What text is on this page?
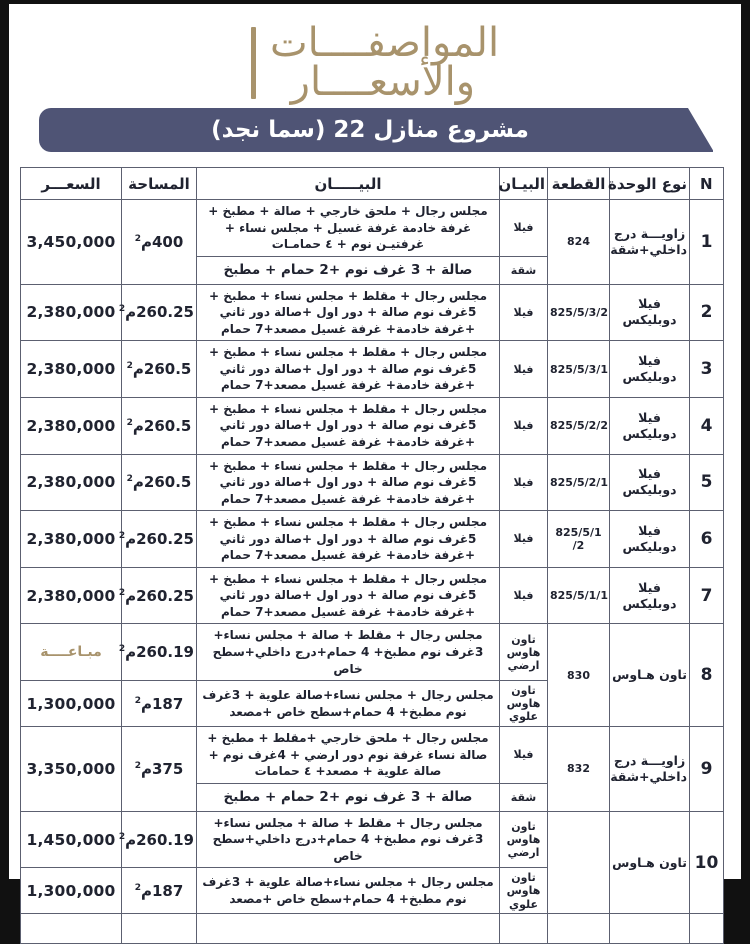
المواصفــــات
والأسعــــار
مشروع منازل 22 (سما نجد)
N	نوع الوحدة	القطعة	البيـان	البيـــــان	المساحة	السعـــر
1	زاويـــة درج داخلي+شقة	824	فيلا	مجلس رجال + ملحق خارجي + صالة + مطبخ + غرفة خادمة غرفة غسيل + مجلس نساء + غرفتيـن نوم + ٤ حمامـات	400م$^2$	3,450,000
			شقة	صالة + 3 غرف نوم +2 حمام + مطبخ		
2	فيلا دوبليكس	825/5/3/2	فيلا	مجلس رجال + مقلط + مجلس نساء + مطبخ + 5غرف نوم صالة + دور اول +صالة دور ثاني +غرفة خادمة+ غرفة غسيل مصعد+7 حمام	260.25م$^2$	2,380,000
3	فيلا دوبليكس	825/5/3/1	فيلا	مجلس رجال + مقلط + مجلس نساء + مطبخ + 5غرف نوم صالة + دور اول +صالة دور ثاني +غرفة خادمة+ غرفة غسيل مصعد+7 حمام	260.5م$^2$	2,380,000
4	فيلا دوبليكس	825/5/2/2	فيلا	مجلس رجال + مقلط + مجلس نساء + مطبخ + 5غرف نوم صالة + دور اول +صالة دور ثاني +غرفة خادمة+ غرفة غسيل مصعد+7 حمام	260.5م$^2$	2,380,000
5	فيلا دوبليكس	825/5/2/1	فيلا	مجلس رجال + مقلط + مجلس نساء + مطبخ + 5غرف نوم صالة + دور اول +صالة دور ثاني +غرفة خادمة+ غرفة غسيل مصعد+7 حمام	260.5م$^2$	2,380,000
6	فيلا دوبليكس	825/5/1 /2	فيلا	مجلس رجال + مقلط + مجلس نساء + مطبخ + 5غرف نوم صالة + دور اول +صالة دور ثاني +غرفة خادمة+ غرفة غسيل مصعد+7 حمام	260.25م$^2$	2,380,000
7	فيلا دوبليكس	825/5/1/1	فيلا	مجلس رجال + مقلط + مجلس نساء + مطبخ + 5غرف نوم صالة + دور اول +صالة دور ثاني +غرفة خادمة+ غرفة غسيل مصعد+7 حمام	260.25م$^2$	2,380,000
8	تاون هـاوس	830	تاون هاوس ارضي	مجلس رجال + مقلط + صالة + مجلس نساء+ 3غرف نوم مطبخ+ 4 حمام+درج داخلي+سطح خاص	260.19م$^2$	مبـاعــــة
			تاون هاوس علوي	مجلس رجال + مجلس نساء+صالة علوية + 3غرف نوم مطبخ+ 4 حمام+سطح خاص +مصعد	187م$^2$	1,300,000
9	زاويـــة درج داخلي+شقة	832	فيلا	مجلس رجال + ملحق خارجي +مقلط + مطبخ + صالة نساء غرفة نوم دور ارضي + 4غرف نوم + صالة علوية + مصعد+ ٤ حمامات	375م$^2$	3,350,000
			شقة	صالة + 3 غرف نوم +2 حمام + مطبخ		
10	تاون هـاوس		تاون هاوس ارضي	مجلس رجال + مقلط + صالة + مجلس نساء+ 3غرف نوم مطبخ+ 4 حمام+درج داخلي+سطح خاص	260.19م$^2$	1,450,000
			تاون هاوس علوي	مجلس رجال + مجلس نساء+صالة علوية + 3غرف نوم مطبخ+ 4 حمام+سطح خاص +مصعد	187م$^2$	1,300,000
